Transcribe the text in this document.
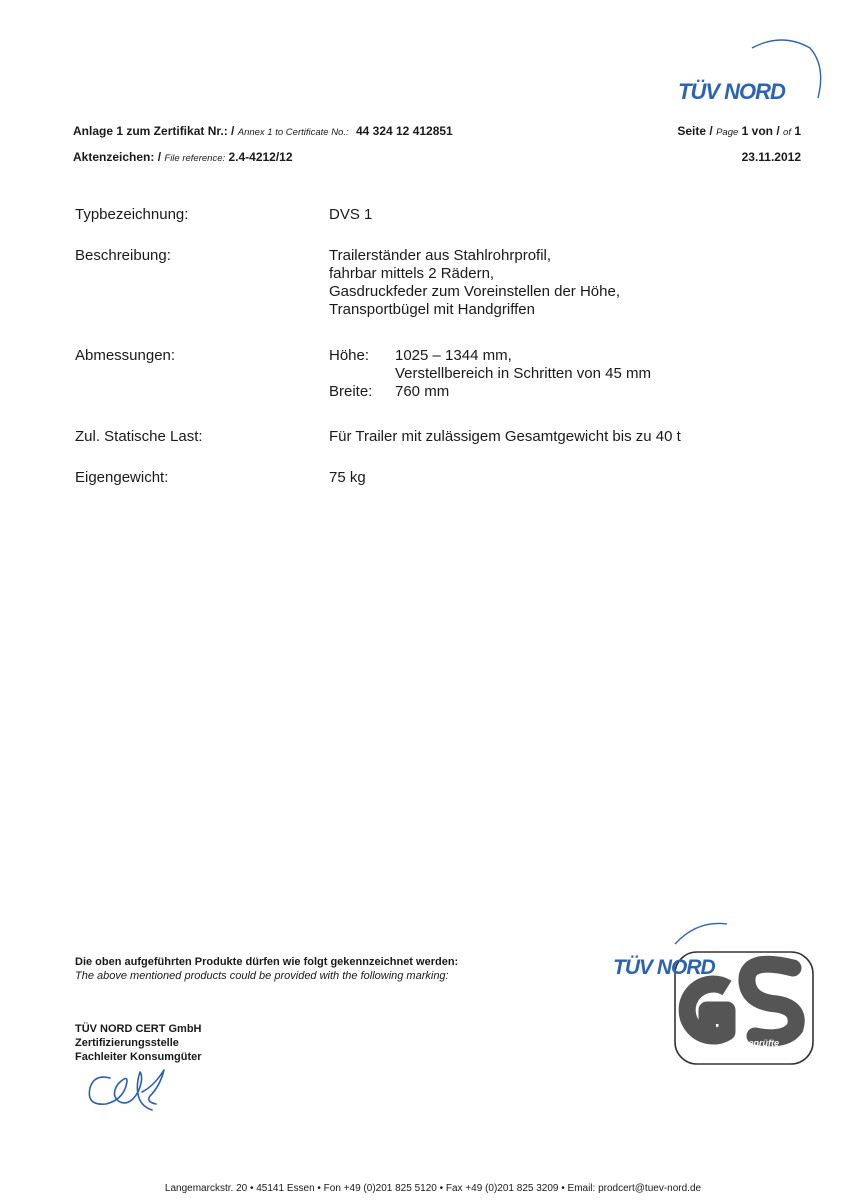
TÜV NORD
Anlage 1 zum Zertifikat Nr.: / Annex 1 to Certificate No.: 44 324 12 412851
Aktenzeichen: / File reference: 2.4-4212/12
Seite / Page 1 von / of 1
23.11.2012
Typbezeichnung:	DVS 1
Beschreibung:	Trailerständer aus Stahlrohrprofil,
fahrbar mittels 2 Rädern,
Gasdruckfeder zum Voreinstellen der Höhe,
Transportbügel mit Handgriffen
Abmessungen:	Höhe:	1025 – 1344 mm,
Verstellbereich in Schritten von 45 mm
Breite:	760 mm
Zul. Statische Last:	Für Trailer mit zulässigem Gesamtgewicht bis zu 40 t
Eigengewicht:	75 kg
Die oben aufgeführten Produkte dürfen wie folgt gekennzeichnet werden:
The above mentioned products could be provided with the following marking:	TÜV NORD
geprüfte
Sicherheit
TÜV NORD CERT GmbH
Zertifizierungsstelle
Fachleiter Konsumgüter
Langemarckstr. 20 • 45141 Essen • Fon +49 (0)201 825 5120 • Fax +49 (0)201 825 3209 • Email: prodcert@tuev-nord.de
